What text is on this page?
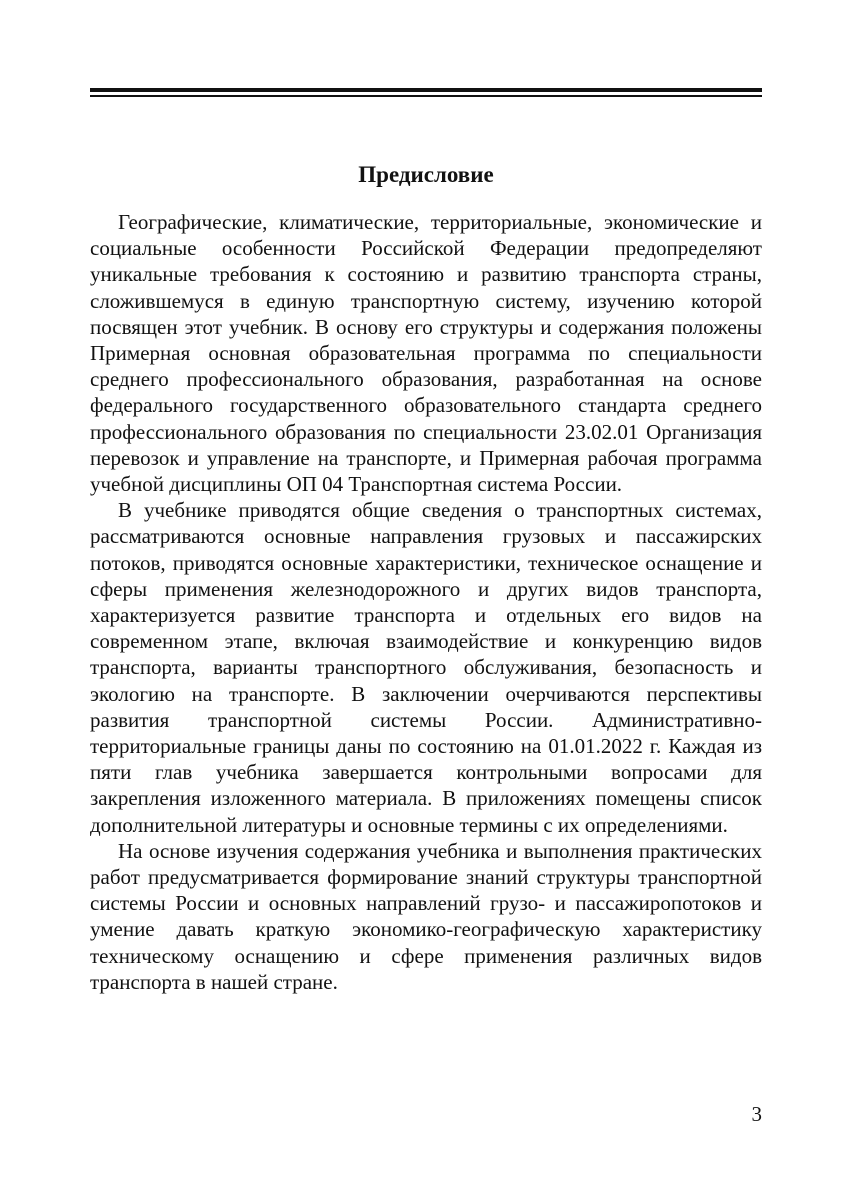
Предисловие

Географические, климатические, территориальные, экономические и социальные особенности Российской Федерации предопределяют уникальные требования к состоянию и развитию транспорта страны, сложившемуся в единую транспортную систему, изучению которой посвящен этот учебник. В основу его структуры и содержания положены Примерная основная образовательная программа по специальности среднего профессионального образования, разработанная на основе федерального государственного образовательного стандарта среднего профессионального образования по специальности 23.02.01 Организация перевозок и управление на транспорте, и Примерная рабочая программа учебной дисциплины ОП 04 Транспортная система России.

В учебнике приводятся общие сведения о транспортных системах, рассматриваются основные направления грузовых и пассажирских потоков, приводятся основные характеристики, техническое оснащение и сферы применения железнодорожного и других видов транспорта, характеризуется развитие транспорта и отдельных его видов на современном этапе, включая взаимодействие и конкуренцию видов транспорта, варианты транспортного обслуживания, безопасность и экологию на транспорте. В заключении очерчиваются перспективы развития транспортной системы России. Административно-территориальные границы даны по состоянию на 01.01.2022 г. Каждая из пяти глав учебника завершается контрольными вопросами для закрепления изложенного материала. В приложениях помещены список дополнительной литературы и основные термины с их определениями.

На основе изучения содержания учебника и выполнения практических работ предусматривается формирование знаний структуры транспортной системы России и основных направлений грузо- и пассажиропотоков и умение давать краткую экономико-географическую характеристику техническому оснащению и сфере применения различных видов транспорта в нашей стране.

3
